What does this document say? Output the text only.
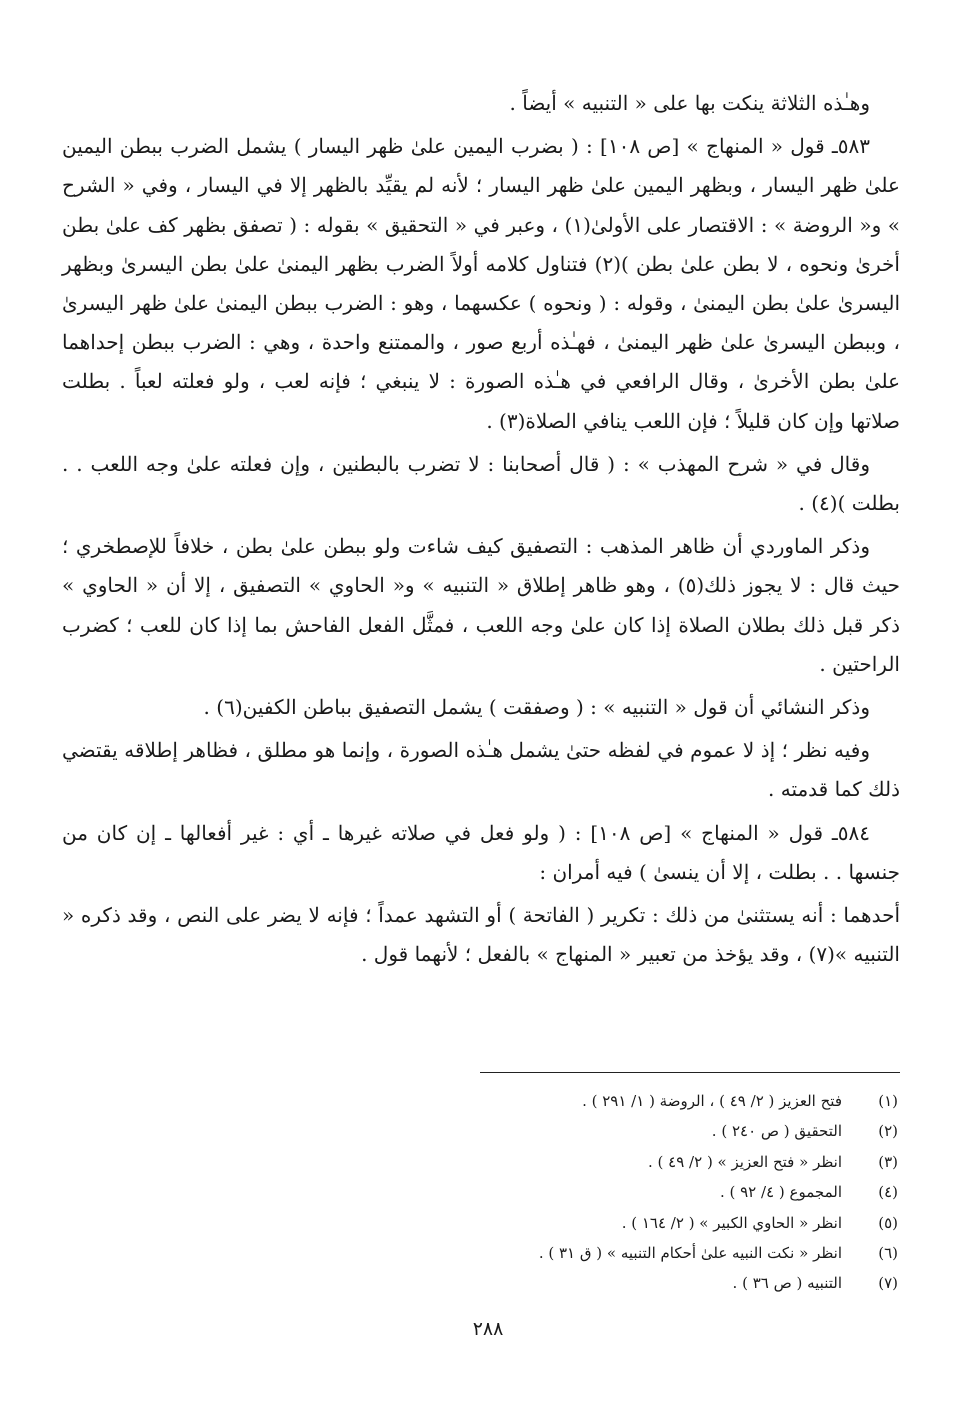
وهـٰذه الثلاثة ينكت بها على « التنبيه » أيضاً .

٥٨٣ـ قول « المنهاج » [ص ١٠٨] : ( بضرب اليمين علىٰ ظهر اليسار ) يشمل الضرب ببطن اليمين علىٰ ظهر اليسار ، وبظهر اليمين علىٰ ظهر اليسار ؛ لأنه لم يقيِّد بالظهر إلا في اليسار ، وفي « الشرح » و« الروضة » : الاقتصار على الأولىٰ(١) ، وعبر في « التحقيق » بقوله : ( تصفق بظهر كف علىٰ بطن أخرىٰ ونحوه ، لا بطن علىٰ بطن )(٢) فتناول كلامه أولاً الضرب بظهر اليمنىٰ علىٰ بطن اليسرىٰ وبظهر اليسرىٰ علىٰ بطن اليمنىٰ ، وقوله : ( ونحوه ) عكسهما ، وهو : الضرب ببطن اليمنىٰ علىٰ ظهر اليسرىٰ ، وببطن اليسرىٰ علىٰ ظهر اليمنىٰ ، فهـٰذه أربع صور ، والممتنع واحدة ، وهي : الضرب ببطن إحداهما علىٰ بطن الأخرىٰ ، وقال الرافعي في هـٰذه الصورة : لا ينبغي ؛ فإنه لعب ، ولو فعلته لعباً . بطلت صلاتها وإن كان قليلاً ؛ فإن اللعب ينافي الصلاة(٣) .

وقال في « شرح المهذب » : ( قال أصحابنا : لا تضرب بالبطنين ، وإن فعلته علىٰ وجه اللعب . . بطلت )(٤) .

وذكر الماوردي أن ظاهر المذهب : التصفيق كيف شاءت ولو ببطن علىٰ بطن ، خلافاً للإصطخري ؛ حيث قال : لا يجوز ذلك(٥) ، وهو ظاهر إطلاق « التنبيه » و« الحاوي » التصفيق ، إلا أن « الحاوي » ذكر قبل ذلك بطلان الصلاة إذا كان علىٰ وجه اللعب ، فمثَّل الفعل الفاحش بما إذا كان للعب ؛ كضرب الراحتين .

وذكر النشائي أن قول « التنبيه » : ( وصفقت ) يشمل التصفيق بباطن الكفين(٦) .

وفيه نظر ؛ إذ لا عموم في لفظه حتىٰ يشمل هـٰذه الصورة ، وإنما هو مطلق ، فظاهر إطلاقه يقتضي ذلك كما قدمته .

٥٨٤ـ قول « المنهاج » [ص ١٠٨] : ( ولو فعل في صلاته غيرها ـ أي : غير أفعالها ـ إن كان من جنسها . . بطلت ، إلا أن ينسىٰ ) فيه أمران :

أحدهما : أنه يستثنىٰ من ذلك : تكرير ( الفاتحة ) أو التشهد عمداً ؛ فإنه لا يضر على النص ، وقد ذكره « التنبيه »(٧) ، وقد يؤخذ من تعبير « المنهاج » بالفعل ؛ لأنهما قول .

(١)
فتح العزيز ( ٢/ ٤٩ ) ، الروضة ( ١/ ٢٩١ ) .
(٢)
التحقيق ( ص ٢٤٠ ) .
(٣)
انظر « فتح العزيز » ( ٢/ ٤٩ ) .
(٤)
المجموع ( ٤/ ٩٢ ) .
(٥)
انظر « الحاوي الكبير » ( ٢/ ١٦٤ ) .
(٦)
انظر « نكت النبيه علىٰ أحكام التنبيه » ( ق ٣١ ) .
(٧)
التنبيه ( ص ٣٦ ) .
٢٨٨
